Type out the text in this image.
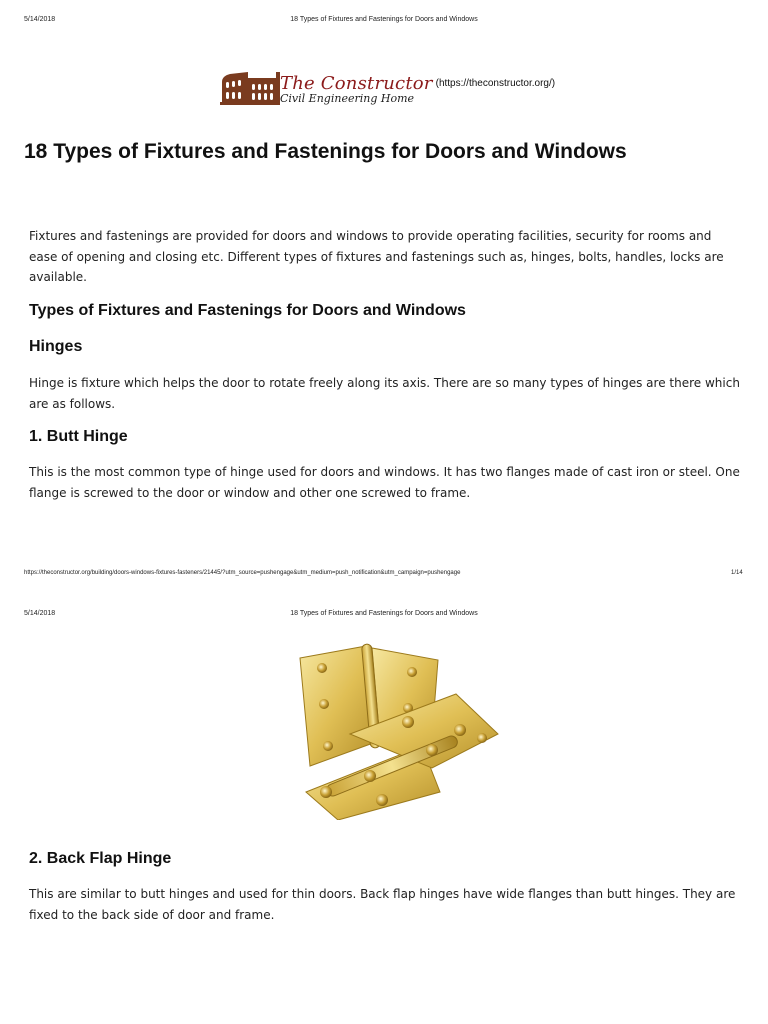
5/14/2018	18 Types of Fixtures and Fastenings for Doors and Windows
The Constructor
Civil Engineering Home
(https://theconstructor.org/)
18 Types of Fixtures and Fastenings for Doors and Windows
Fixtures and fastenings are provided for doors and windows to provide operating facilities, security for rooms and ease of opening and closing etc. Different types of fixtures and fastenings such as, hinges, bolts, handles, locks are available.
Types of Fixtures and Fastenings for Doors and Windows
Hinges
Hinge is fixture which helps the door to rotate freely along its axis. There are so many types of hinges are there which are as follows.
1. Butt Hinge
This is the most common type of hinge used for doors and windows. It has two flanges made of cast iron or steel. One flange is screwed to the door or window and other one screwed to frame.
https://theconstructor.org/building/doors-windows-fixtures-fasteners/21445/?utm_source=pushengage&utm_medium=push_notification&utm_campaign=pushengage	1/14
5/14/2018	18 Types of Fixtures and Fastenings for Doors and Windows
2. Back Flap Hinge
This are similar to butt hinges and used for thin doors. Back flap hinges have wide flanges than butt hinges. They are fixed to the back side of door and frame.
